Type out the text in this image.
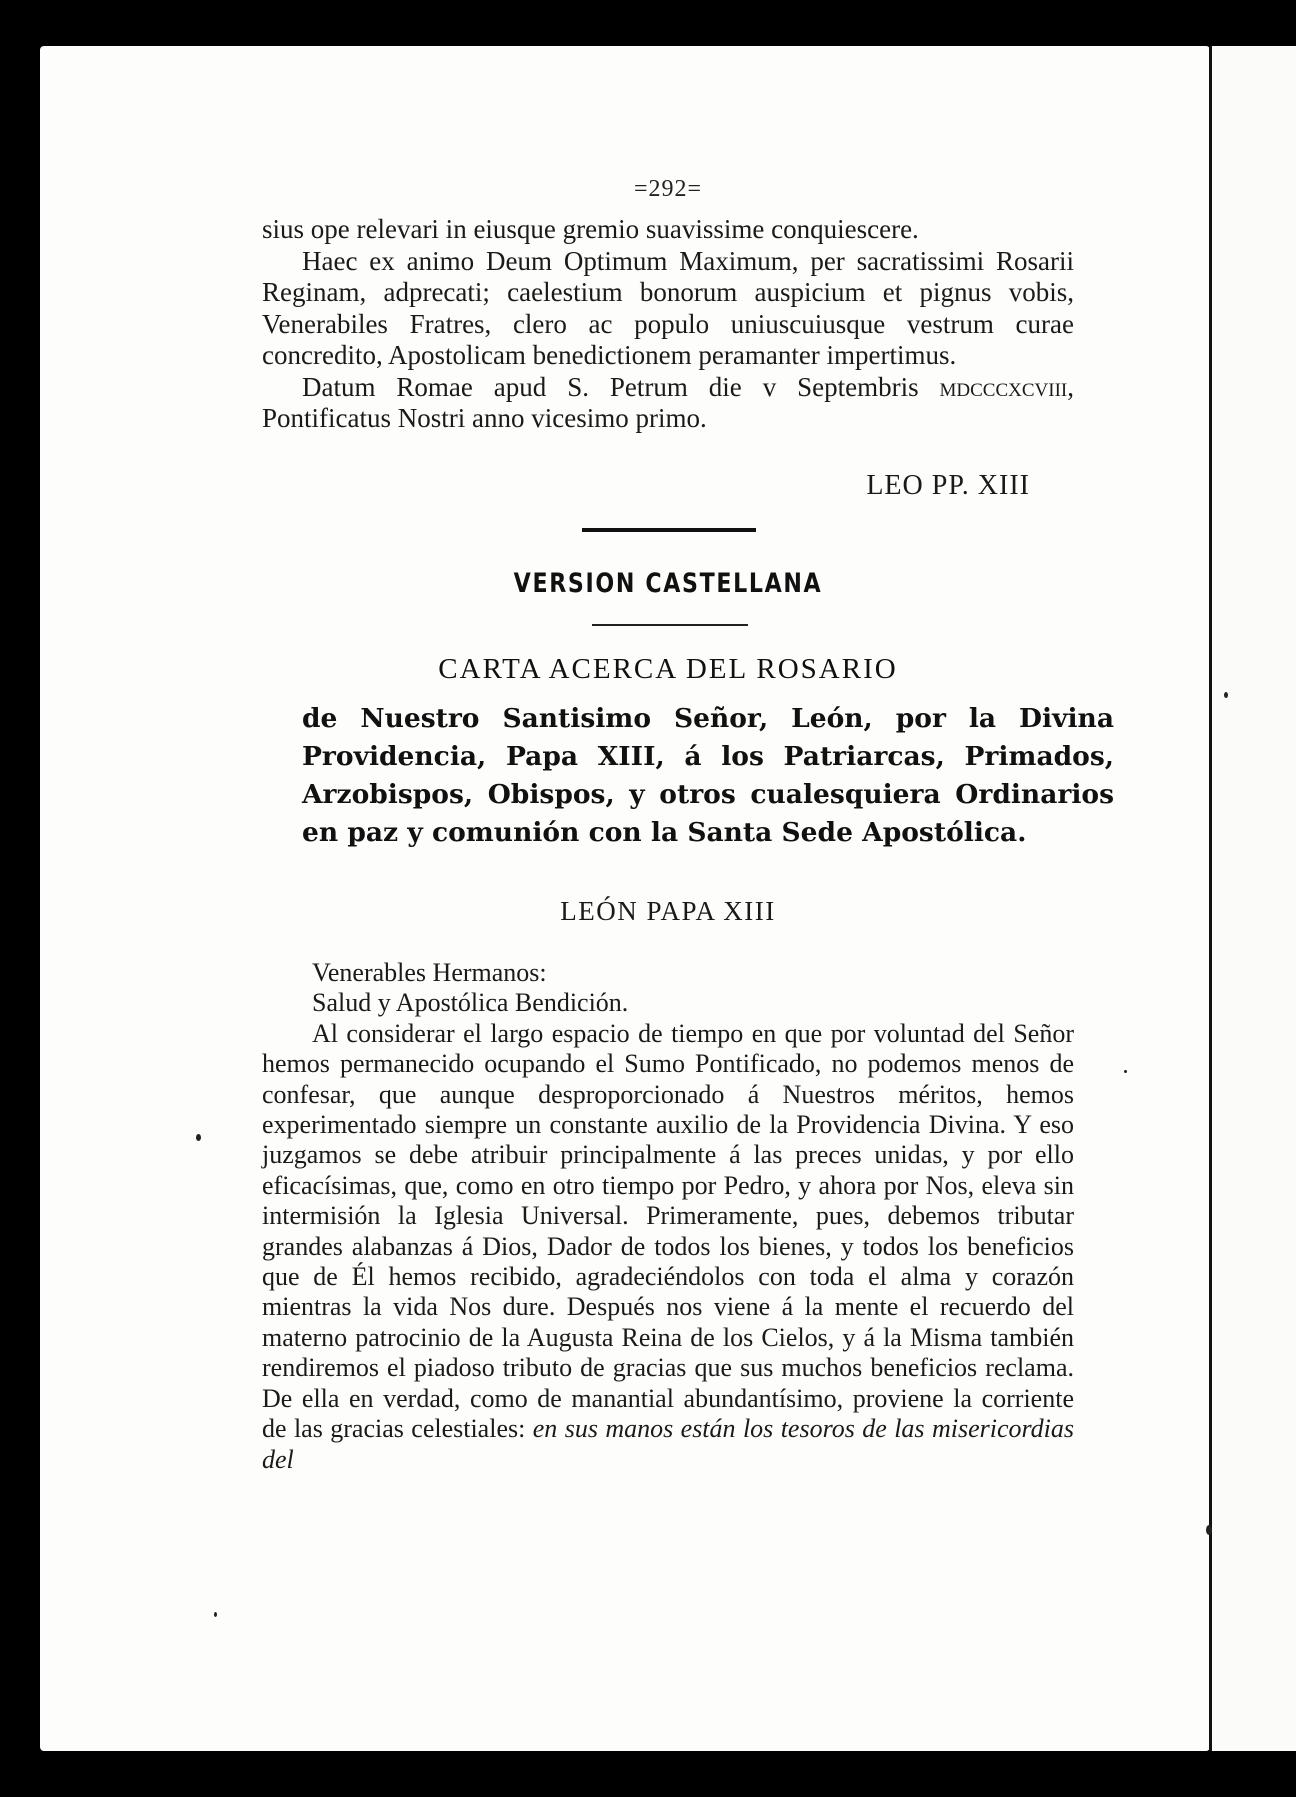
=292=

sius ope relevari in eiusque gremio suavissime conquiescere.

Haec ex animo Deum Optimum Maximum, per sacratissimi Rosarii Reginam, adprecati; caelestium bonorum auspicium et pignus vobis, Venerabiles Fratres, clero ac populo uniuscuiusque vestrum curae concredito, Apostolicam benedictionem peramanter impertimus.

Datum Romae apud S. Petrum die v Septembris mdcccxcviii, Pontificatus Nostri anno vicesimo primo.

LEO PP. XIII
VERSION CASTELLANA
CARTA ACERCA DEL ROSARIO
de Nuestro Santisimo Señor, León, por la Divina Providencia, Papa XIII, á los Patriarcas, Primados, Arzobispos, Obispos, y otros cualesquiera Ordinarios en paz y comunión con la Santa Sede Apostólica.
LEÓN PAPA XIII

Venerables Hermanos:

Salud y Apostólica Bendición.

Al considerar el largo espacio de tiempo en que por voluntad del Señor hemos permanecido ocupando el Sumo Pontificado, no podemos menos de confesar, que aunque desproporcionado á Nuestros méritos, hemos experimentado siempre un constante auxilio de la Providencia Divina. Y eso juzgamos se debe atribuir principalmente á las preces unidas, y por ello eficacísimas, que, como en otro tiempo por Pedro, y ahora por Nos, eleva sin intermisión la Iglesia Universal. Primeramente, pues, debemos tributar grandes alabanzas á Dios, Dador de todos los bienes, y todos los beneficios que de Él hemos recibido, agradeciéndolos con toda el alma y corazón mientras la vida Nos dure. Después nos viene á la mente el recuerdo del materno patrocinio de la Augusta Reina de los Cielos, y á la Misma también rendiremos el piadoso tributo de gracias que sus muchos beneficios reclama. De ella en verdad, como de manantial abundantísimo, proviene la corriente de las gracias celestiales: en sus manos están los tesoros de las misericordias del
